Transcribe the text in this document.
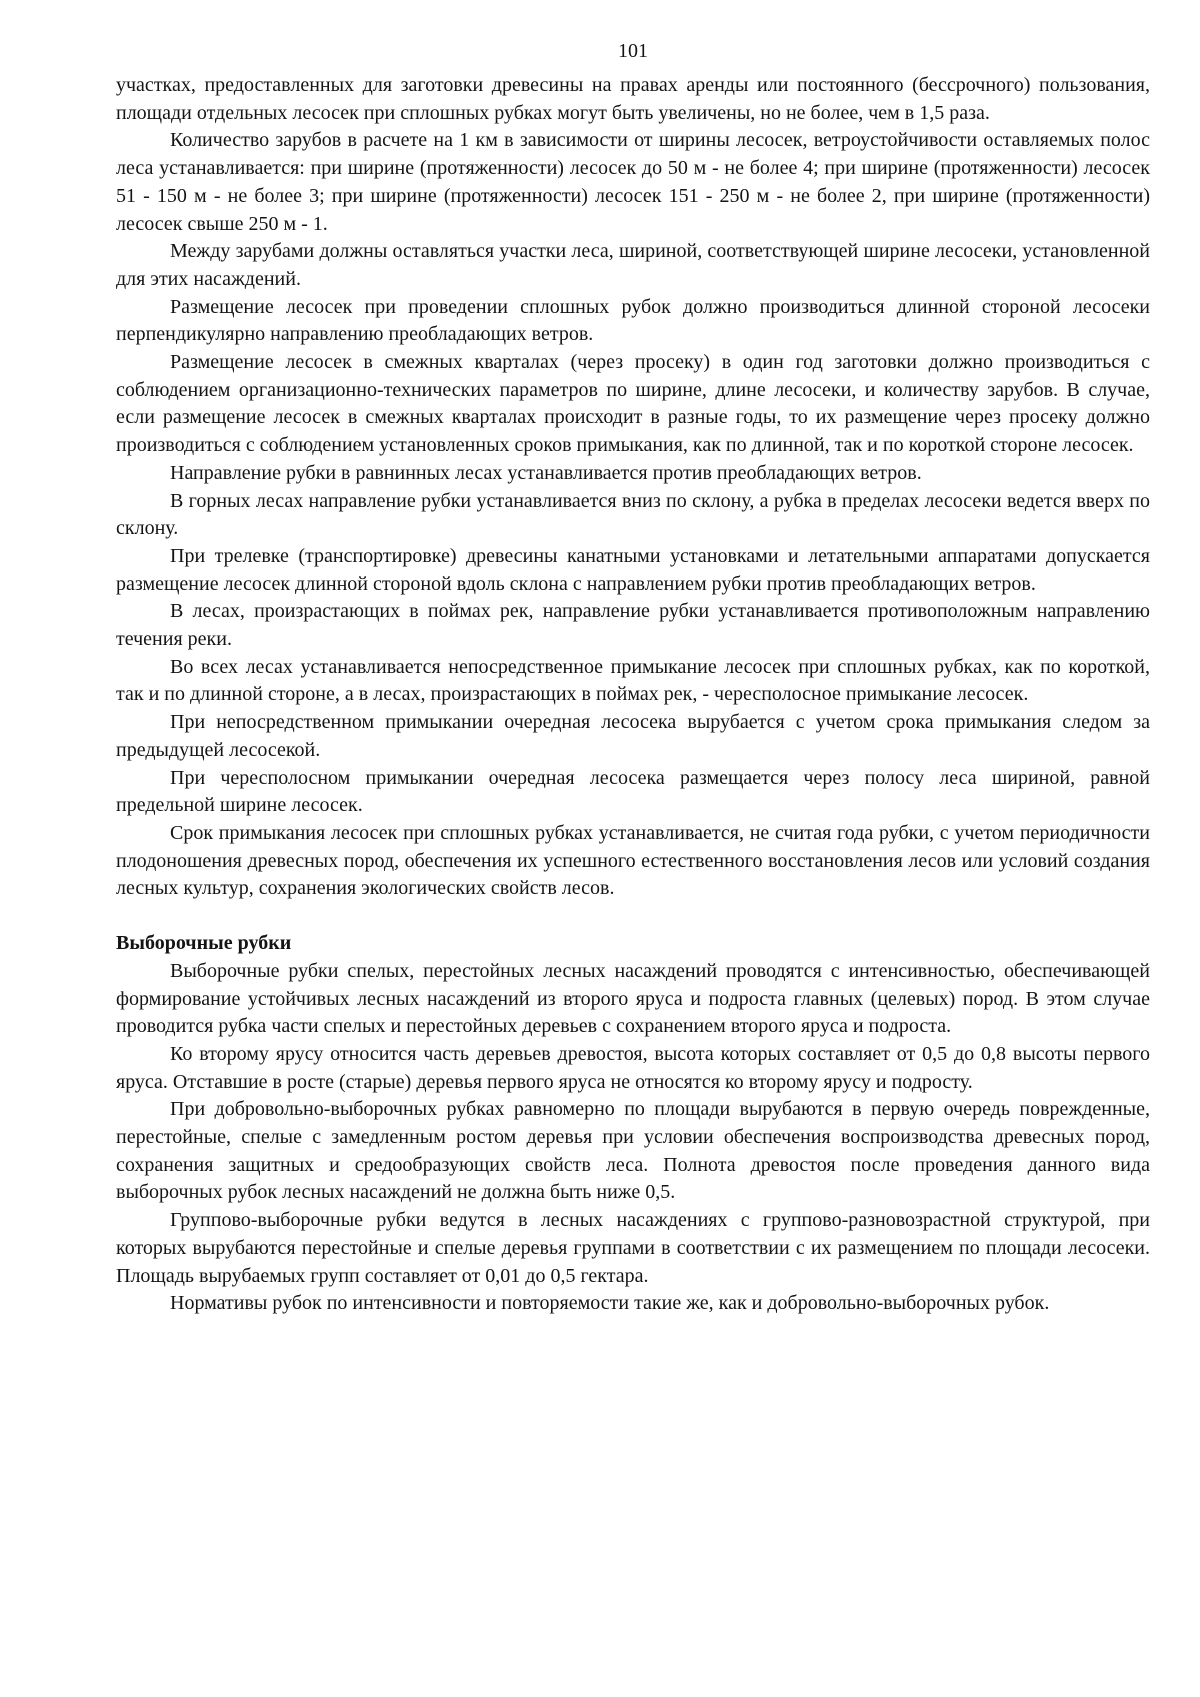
101

участках, предоставленных для заготовки древесины на правах аренды или постоянного (бессрочного) пользования, площади отдельных лесосек при сплошных рубках могут быть увеличены, но не более, чем в 1,5 раза.

Количество зарубов в расчете на 1 км в зависимости от ширины лесосек, ветроустойчивости оставляемых полос леса устанавливается: при ширине (протяженности) лесосек до 50 м - не более 4; при ширине (протяженности) лесосек 51 - 150 м - не более 3; при ширине (протяженности) лесосек 151 - 250 м - не более 2, при ширине (протяженности) лесосек свыше 250 м - 1.

Между зарубами должны оставляться участки леса, шириной, соответствующей ширине лесосеки, установленной для этих насаждений.

Размещение лесосек при проведении сплошных рубок должно производиться длинной стороной лесосеки перпендикулярно направлению преобладающих ветров.

Размещение лесосек в смежных кварталах (через просеку) в один год заготовки должно производиться с соблюдением организационно-технических параметров по ширине, длине лесосеки, и количеству зарубов. В случае, если размещение лесосек в смежных кварталах происходит в разные годы, то их размещение через просеку должно производиться с соблюдением установленных сроков примыкания, как по длинной, так и по короткой стороне лесосек.

Направление рубки в равнинных лесах устанавливается против преобладающих ветров.

В горных лесах направление рубки устанавливается вниз по склону, а рубка в пределах лесосеки ведется вверх по склону.

При трелевке (транспортировке) древесины канатными установками и летательными аппаратами допускается размещение лесосек длинной стороной вдоль склона с направлением рубки против преобладающих ветров.

В лесах, произрастающих в поймах рек, направление рубки устанавливается противоположным направлению течения реки.

Во всех лесах устанавливается непосредственное примыкание лесосек при сплошных рубках, как по короткой, так и по длинной стороне, а в лесах, произрастающих в поймах рек, - чересполосное примыкание лесосек.

При непосредственном примыкании очередная лесосека вырубается с учетом срока примыкания следом за предыдущей лесосекой.

При чересполосном примыкании очередная лесосека размещается через полосу леса шириной, равной предельной ширине лесосек.

Срок примыкания лесосек при сплошных рубках устанавливается, не считая года рубки, с учетом периодичности плодоношения древесных пород, обеспечения их успешного естественного восстановления лесов или условий создания лесных культур, сохранения экологических свойств лесов.

Выборочные рубки

Выборочные рубки спелых, перестойных лесных насаждений проводятся с интенсивностью, обеспечивающей формирование устойчивых лесных насаждений из второго яруса и подроста главных (целевых) пород. В этом случае проводится рубка части спелых и перестойных деревьев с сохранением второго яруса и подроста.

Ко второму ярусу относится часть деревьев древостоя, высота которых составляет от 0,5 до 0,8 высоты первого яруса. Отставшие в росте (старые) деревья первого яруса не относятся ко второму ярусу и подросту.

При добровольно-выборочных рубках равномерно по площади вырубаются в первую очередь поврежденные, перестойные, спелые с замедленным ростом деревья при условии обеспечения воспроизводства древесных пород, сохранения защитных и средообразующих свойств леса. Полнота древостоя после проведения данного вида выборочных рубок лесных насаждений не должна быть ниже 0,5.

Группово-выборочные рубки ведутся в лесных насаждениях с группово-разновозрастной структурой, при которых вырубаются перестойные и спелые деревья группами в соответствии с их размещением по площади лесосеки. Площадь вырубаемых групп составляет от 0,01 до 0,5 гектара.

Нормативы рубок по интенсивности и повторяемости такие же, как и добровольно-выборочных рубок.
